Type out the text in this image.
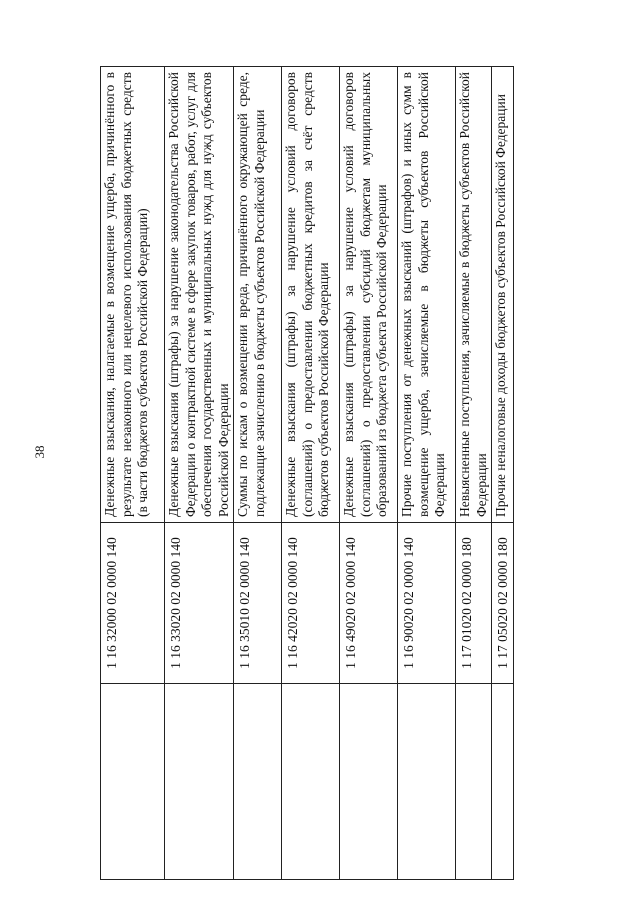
38
	1 16 32000 02 0000 140	Денежные взыскания, налагаемые в возмещение ущерба, причинённого в результате незаконного или нецелевого использования бюджетных средств (в части бюджетов субъектов Российской Федерации)
	1 16 33020 02 0000 140	Денежные взыскания (штрафы) за нарушение законодательства Российской Федерации о контрактной системе в сфере закупок товаров, работ, услуг для обеспечения государственных и муниципальных нужд для нужд субъектов Российской Федерации
	1 16 35010 02 0000 140	Суммы по искам о возмещении вреда, причинённого окружающей среде, подлежащие зачислению в бюджеты субъектов Российской Федерации
	1 16 42020 02 0000 140	Денежные взыскания (штрафы) за нарушение условий договоров (соглашений) о предоставлении бюджетных кредитов за счёт средств бюджетов субъектов Российской Федерации
	1 16 49020 02 0000 140	Денежные взыскания (штрафы) за нарушение условий договоров (соглашений) о предоставлении субсидий бюджетам муниципальных образований из бюджета субъекта Российской Федерации
	1 16 90020 02 0000 140	Прочие поступления от денежных взысканий (штрафов) и иных сумм в возмещение ущерба, зачисляемые в бюджеты субъектов Российской Федерации
	1 17 01020 02 0000 180	Невыясненные поступления, зачисляемые в бюджеты субъектов Российской Федерации
	1 17 05020 02 0000 180	Прочие неналоговые доходы бюджетов субъектов Российской Федерации
